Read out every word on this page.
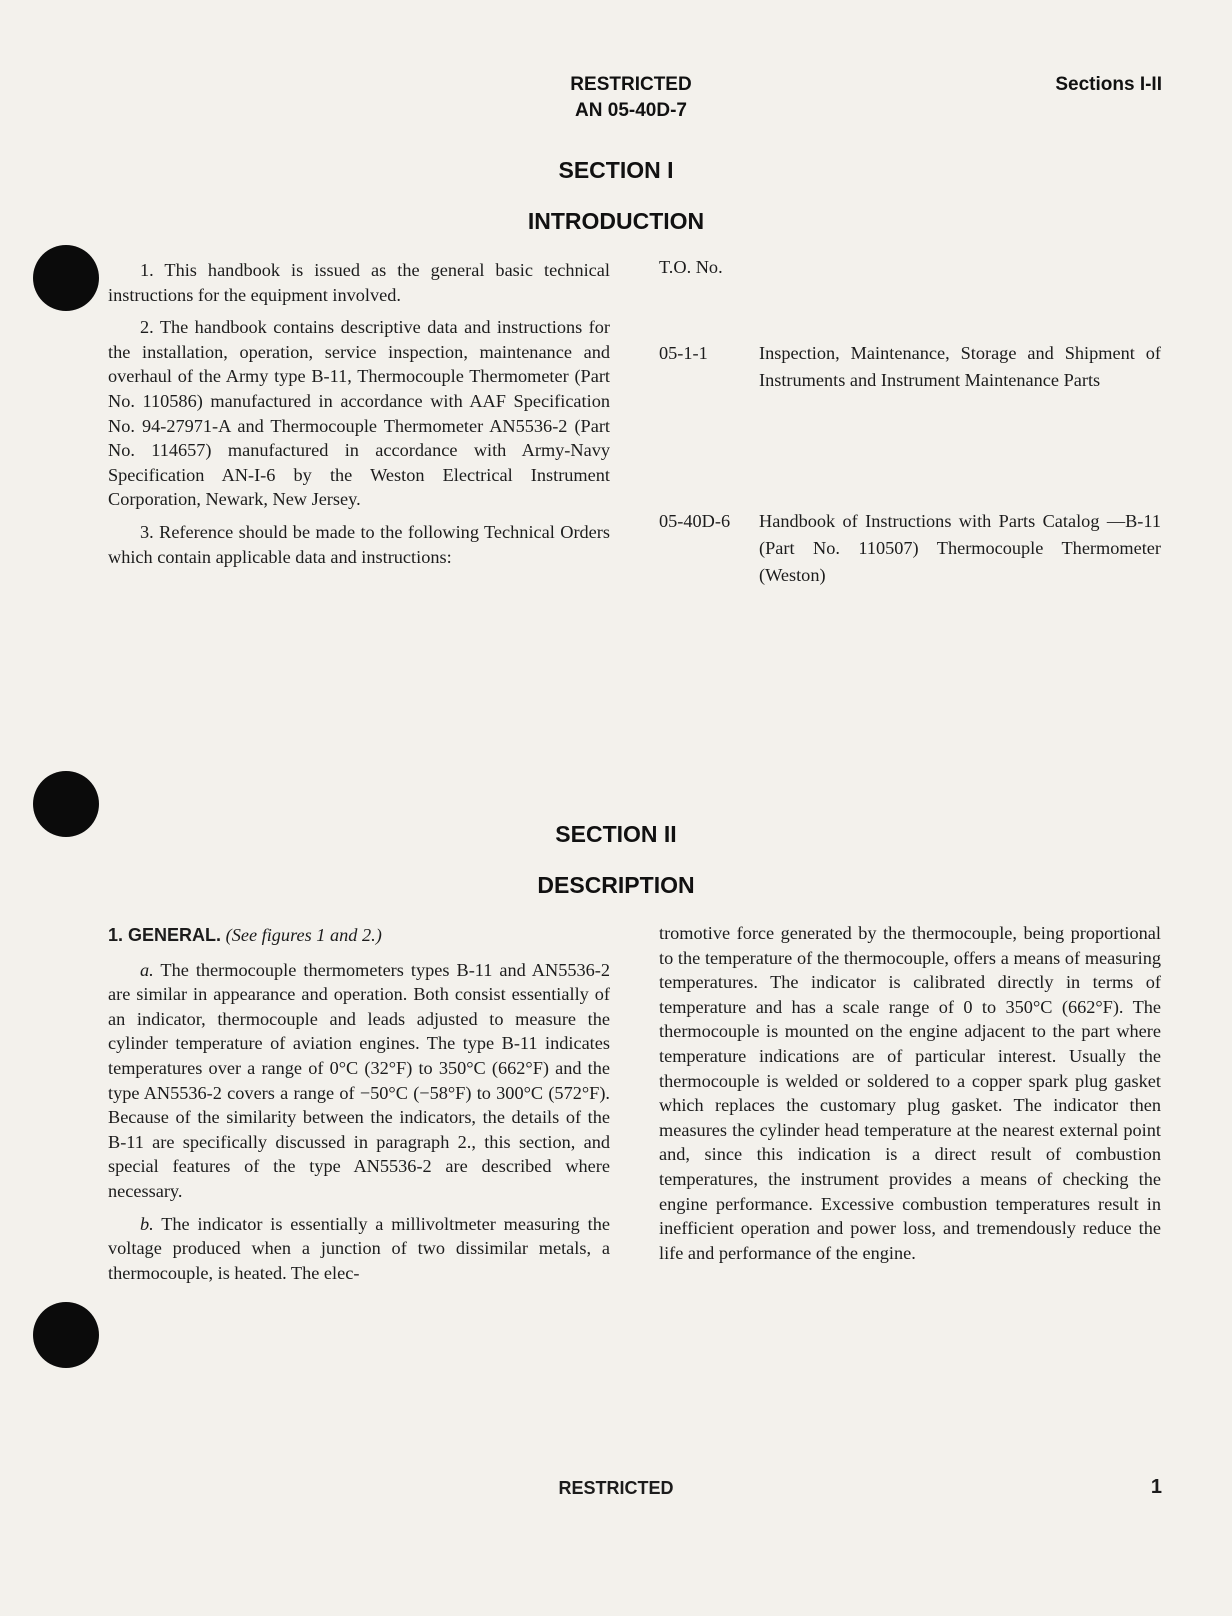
RESTRICTED
AN 05-40D-7
Sections I-II
SECTION I
INTRODUCTION

1. This handbook is issued as the general basic technical instructions for the equipment involved.

2. The handbook contains descriptive data and instructions for the installation, operation, service inspection, maintenance and overhaul of the Army type B-11, Thermocouple Thermometer (Part No. 110586) manufactured in accordance with AAF Specification No. 94-27971-A and Thermocouple Thermometer AN5536-2 (Part No. 114657) manufactured in accordance with Army-Navy Specification AN-I-6 by the Weston Electrical Instrument Corporation, Newark, New Jersey.

3. Reference should be made to the following Technical Orders which contain applicable data and instructions:

T.O. No.
05-1-1	Inspection, Maintenance, Storage and Shipment of Instruments and Instrument Maintenance Parts
05-40D-6	Handbook of Instructions with Parts Catalog —B-11 (Part No. 110507) Thermocouple Thermometer (Weston)
SECTION II
DESCRIPTION

1. GENERAL. (See figures 1 and 2.)

a. The thermocouple thermometers types B-11 and AN5536-2 are similar in appearance and operation. Both consist essentially of an indicator, thermocouple and leads adjusted to measure the cylinder temperature of aviation engines. The type B-11 indicates temperatures over a range of 0°C (32°F) to 350°C (662°F) and the type AN5536-2 covers a range of −50°C (−58°F) to 300°C (572°F). Because of the similarity between the indicators, the details of the B-11 are specifically discussed in paragraph 2., this section, and special features of the type AN5536-2 are described where necessary.

b. The indicator is essentially a millivoltmeter measuring the voltage produced when a junction of two dissimilar metals, a thermocouple, is heated. The elec-

tromotive force generated by the thermocouple, being proportional to the temperature of the thermocouple, offers a means of measuring temperatures. The indicator is calibrated directly in terms of temperature and has a scale range of 0 to 350°C (662°F). The thermocouple is mounted on the engine adjacent to the part where temperature indications are of particular interest. Usually the thermocouple is welded or soldered to a copper spark plug gasket which replaces the customary plug gasket. The indicator then measures the cylinder head temperature at the nearest external point and, since this indication is a direct result of combustion temperatures, the instrument provides a means of checking the engine performance. Excessive combustion temperatures result in inefficient operation and power loss, and tremendously reduce the life and performance of the engine.

RESTRICTED	1
